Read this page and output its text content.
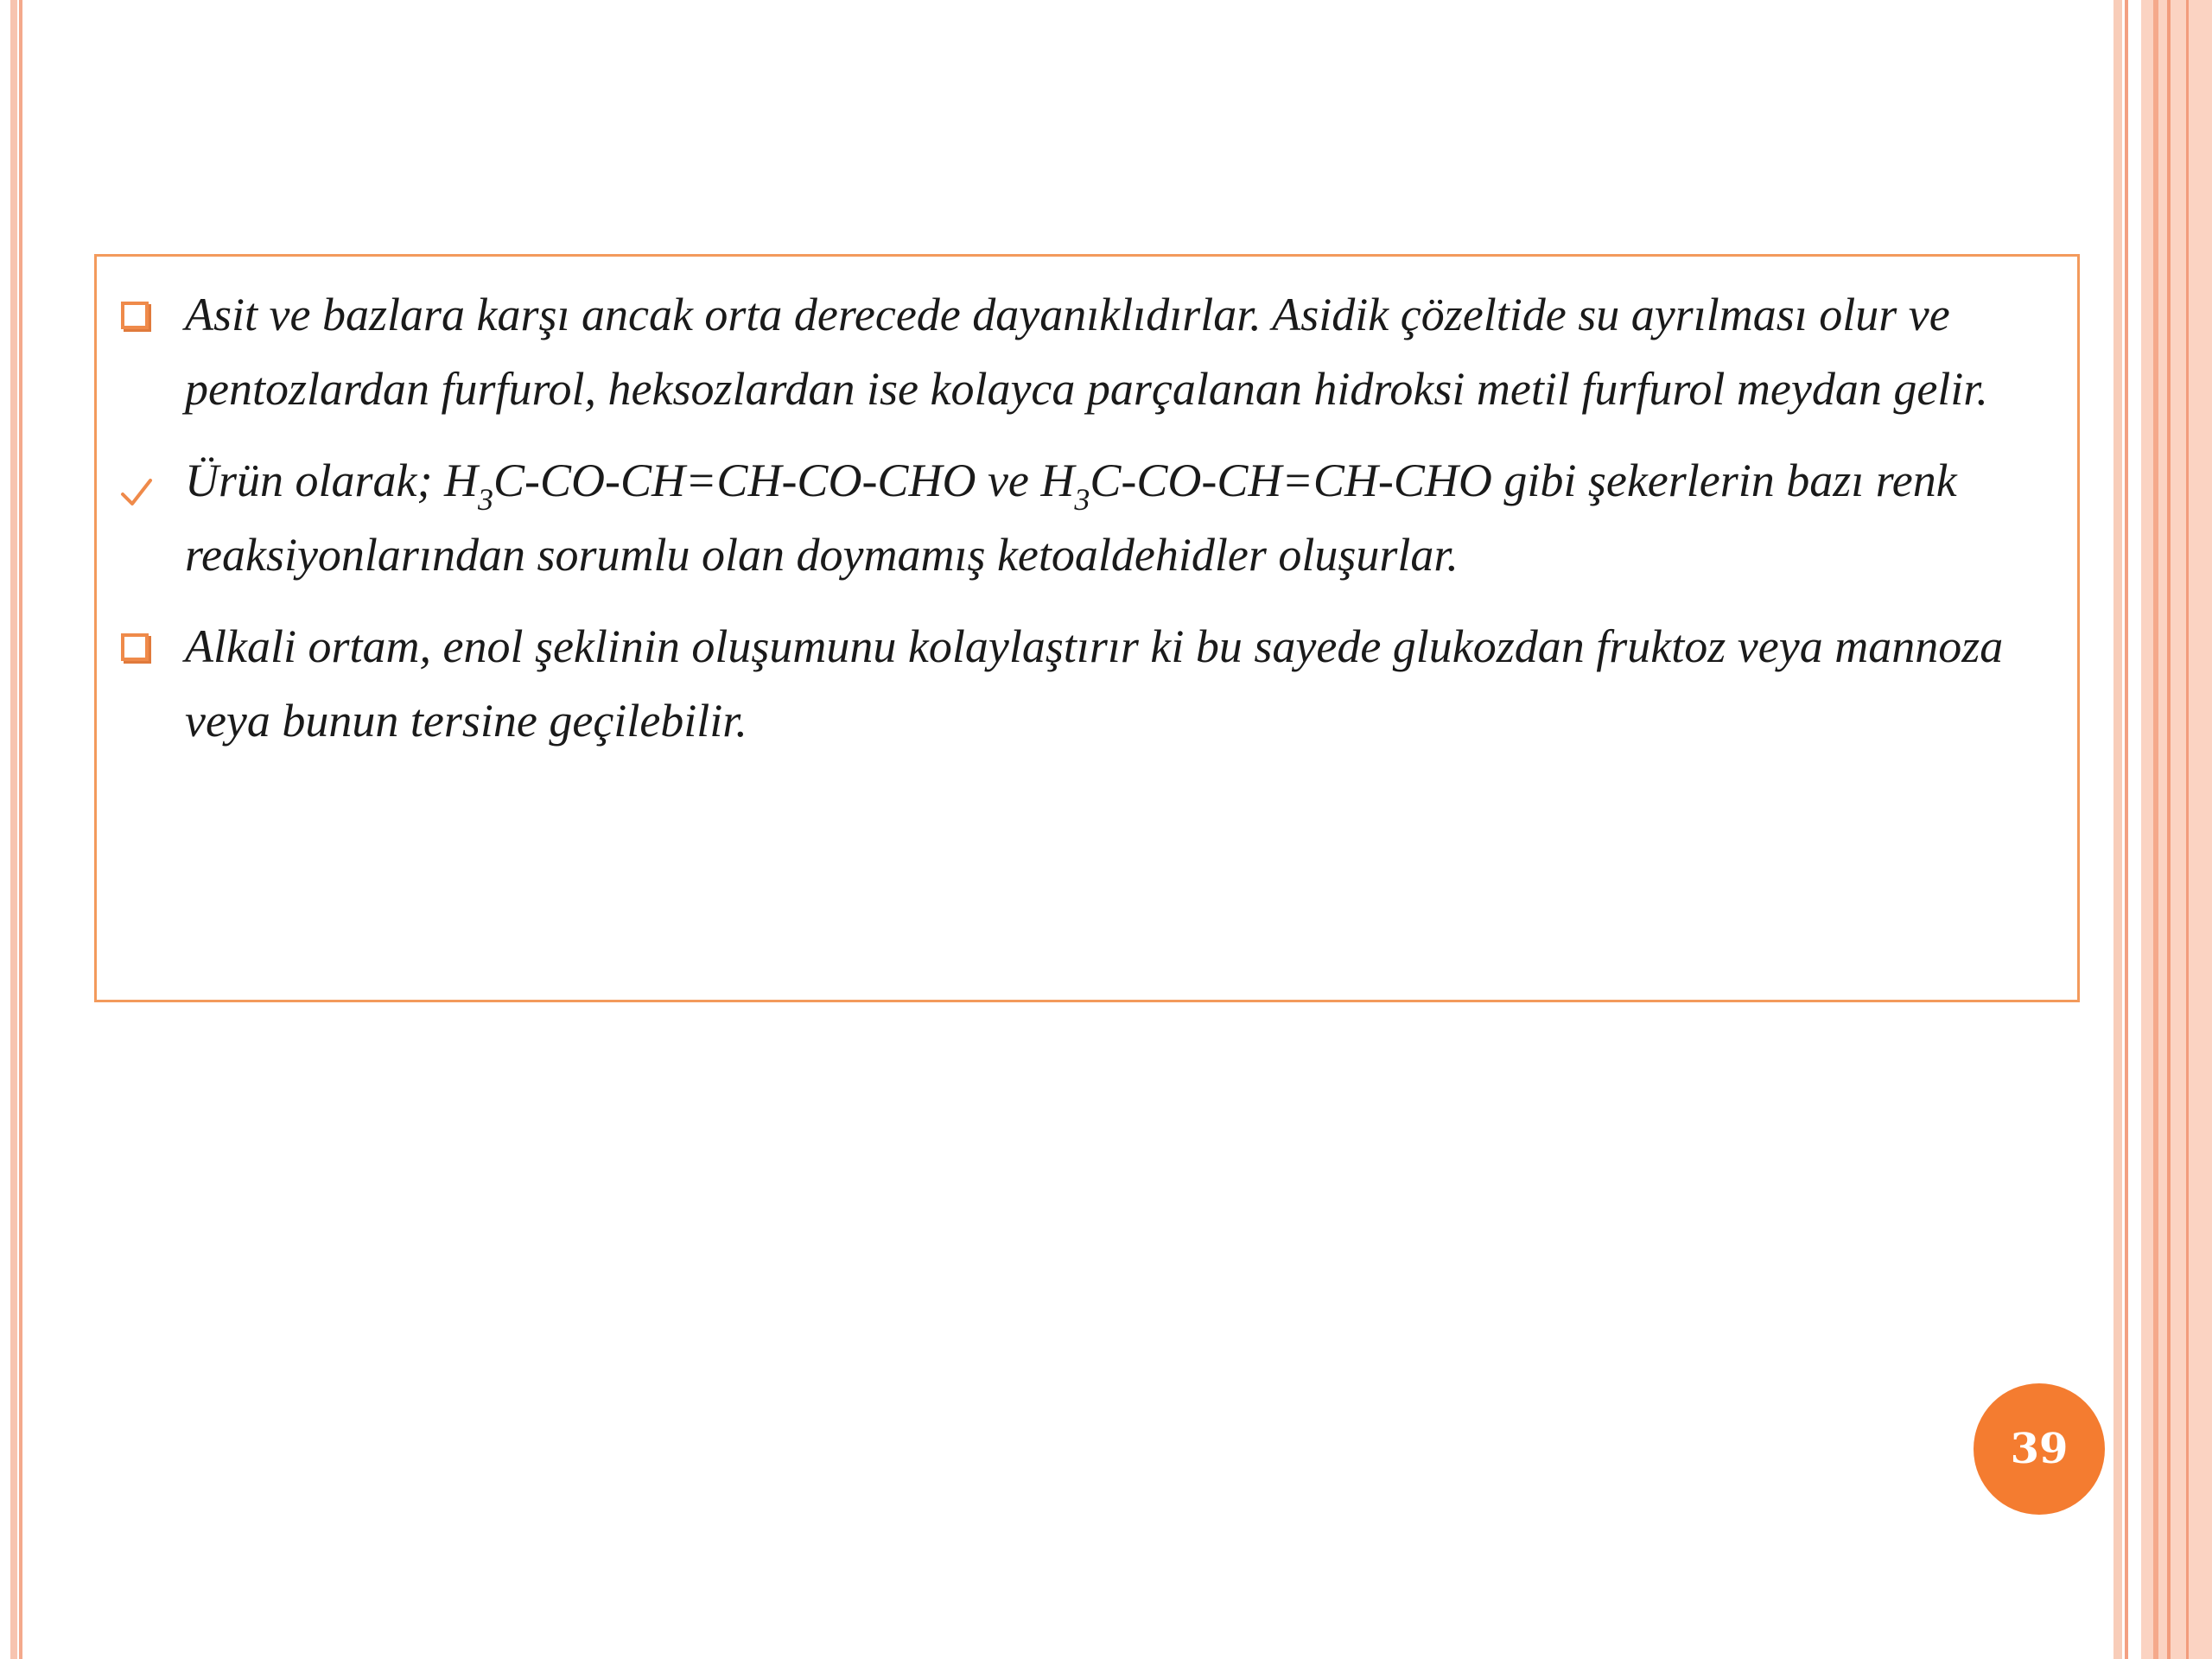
Asit ve bazlara karşı ancak orta derecede dayanıklıdırlar. Asidik çözeltide su ayrılması olur ve pentozlardan furfurol, heksozlardan ise kolayca parçalanan hidroksi metil furfurol meydan gelir.
Ürün olarak; $H_3C-CO-CH=CH-CO$-CHO ve $H_3C-CO-CH=CH$-CHO gibi şekerlerin bazı renk reaksiyonlarından sorumlu olan doymamış ketoaldehidler oluşurlar.
Alkali ortam, enol şeklinin oluşumunu kolaylaştırır ki bu sayede glukozdan fruktoz veya mannoza veya bunun tersine geçilebilir.
39
